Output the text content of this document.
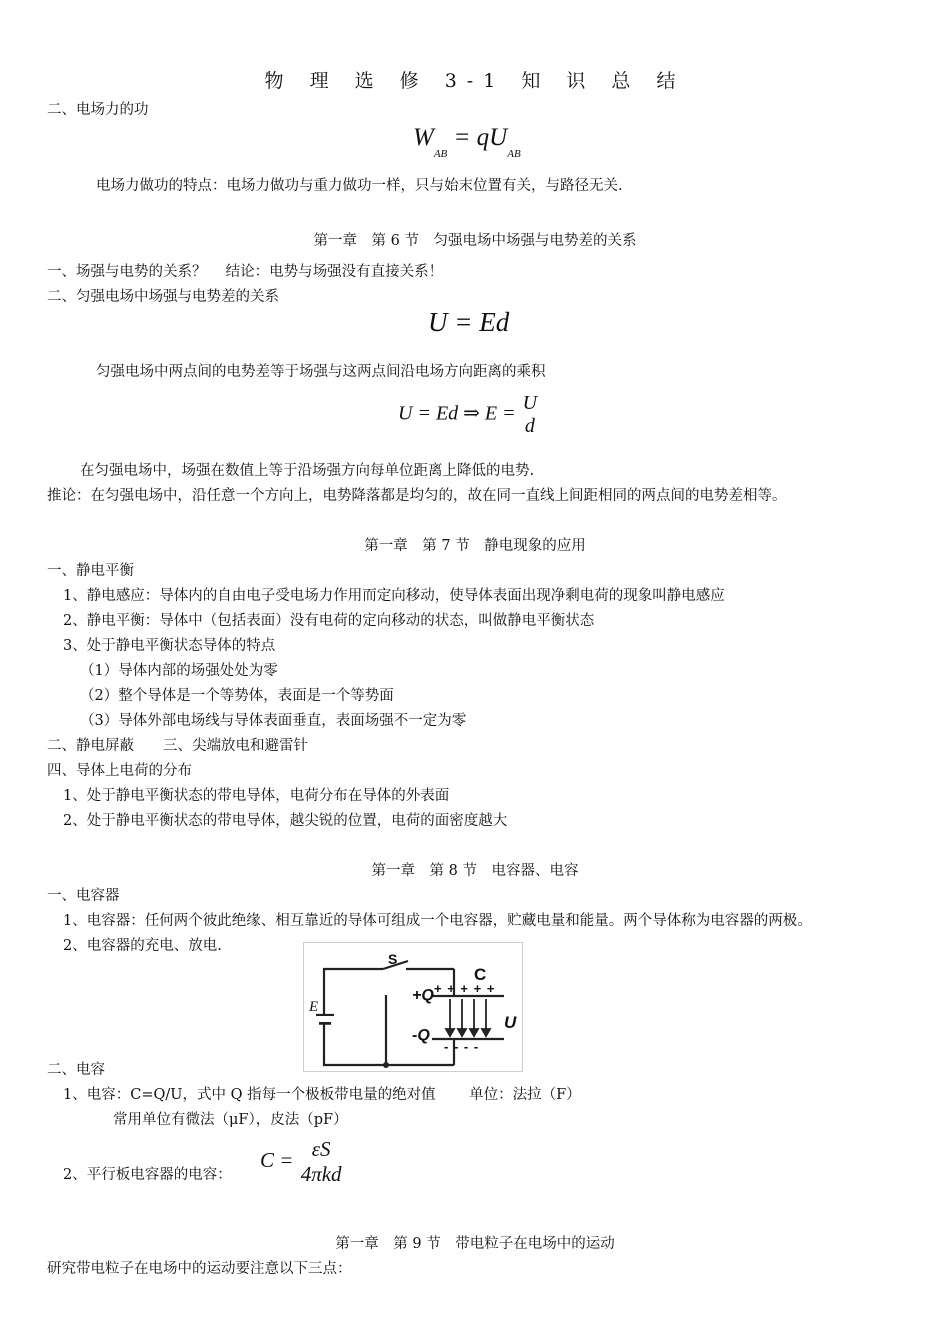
物 理 选 修 3-1 知 识 总 结
二、电场力的功
$W_{AB} = qU_{AB}$
电场力做功的特点：电场力做功与重力做功一样，只与始末位置有关，与路径无关.
第一章　第 6 节　匀强电场中场强与电势差的关系
一、场强与电势的关系？　 结论：电势与场强没有直接关系！
二、匀强电场中场强与电势差的关系
U = Ed
匀强电场中两点间的电势差等于场强与这两点间沿电场方向距离的乘积
U = Ed ⇒ E = U
d
在匀强电场中，场强在数值上等于沿场强方向每单位距离上降低的电势.
推论：在匀强电场中，沿任意一个方向上，电势降落都是均匀的，故在同一直线上间距相同的两点间的电势差相等。
第一章　第 7 节　静电现象的应用
一、静电平衡
1、静电感应：导体内的自由电子受电场力作用而定向移动，使导体表面出现净剩电荷的现象叫静电感应
2、静电平衡：导体中（包括表面）没有电荷的定向移动的状态，叫做静电平衡状态
3、处于静电平衡状态导体的特点
（1）导体内部的场强处处为零
（2）整个导体是一个等势体，表面是一个等势面
（3）导体外部电场线与导体表面垂直，表面场强不一定为零
二、静电屏蔽　　三、尖端放电和避雷针
四、导体上电荷的分布
1、处于静电平衡状态的带电导体，电荷分布在导体的外表面
2、处于静电平衡状态的带电导体，越尖锐的位置，电荷的面密度越大
第一章　第 8 节　电容器、电容
一、电容器
1、电容器：任何两个彼此绝缘、相互靠近的导体可组成一个电容器，贮藏电量和能量。两个导体称为电容器的两极。
2、电容器的充电、放电.
S
C
+Q
-Q
E
U
+ + + + +
- - - -
二、电容
1、电容：C=Q/U，式中 Q 指每一个极板带电量的绝对值　　 单位：法拉（F）
常用单位有微法（μF），皮法（pF）
2、平行板电容器的电容：
C = εS
4πkd
第一章　第 9 节　带电粒子在电场中的运动
研究带电粒子在电场中的运动要注意以下三点：
